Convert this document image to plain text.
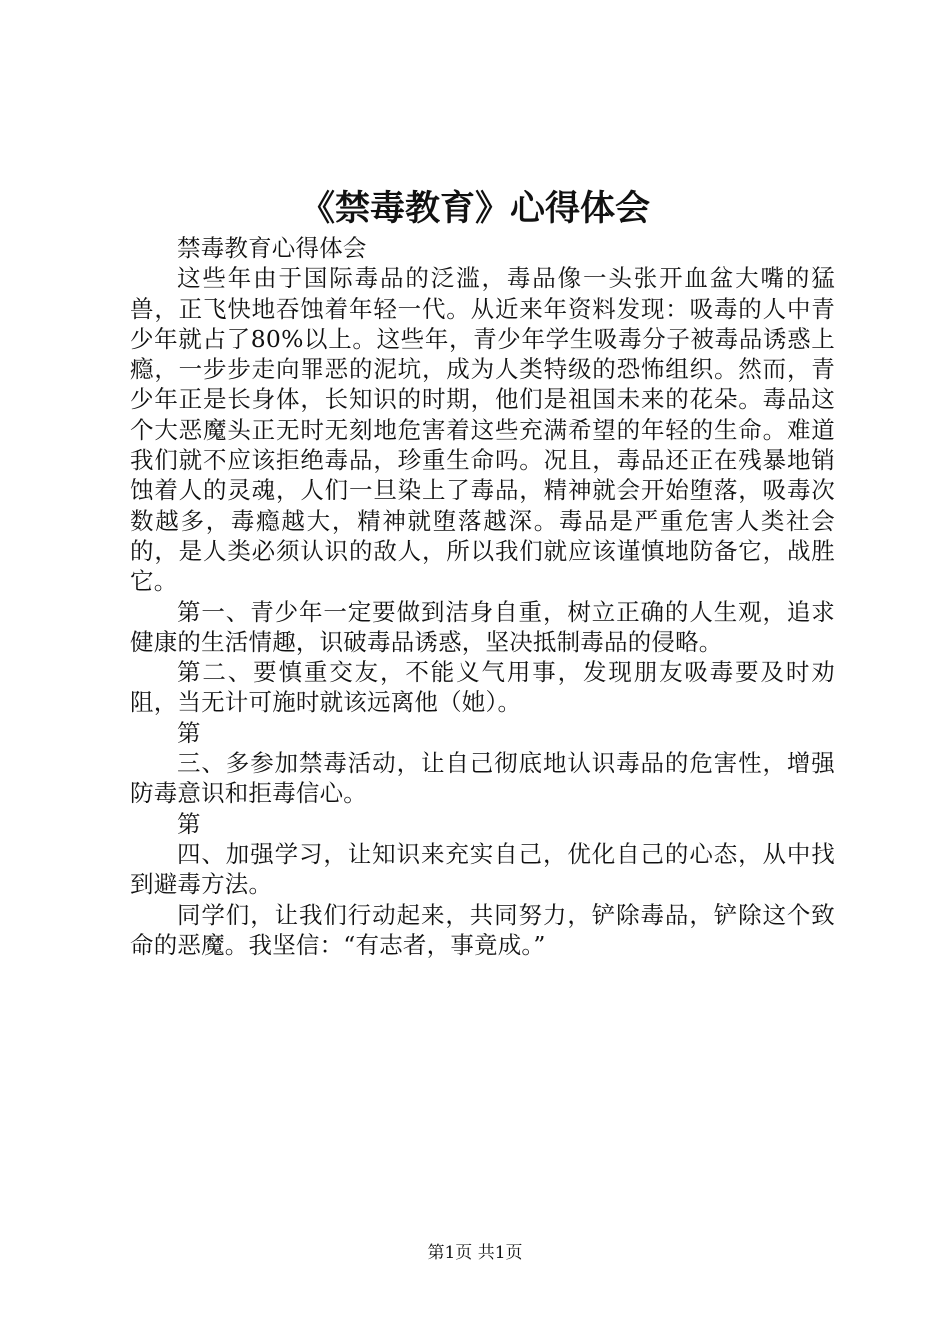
《禁毒教育》心得体会

禁毒教育心得体会

这些年由于国际毒品的泛滥，毒品像一头张开血盆大嘴的猛兽，正飞快地吞蚀着年轻一代。从近来年资料发现：吸毒的人中青少年就占了80%以上。这些年，青少年学生吸毒分子被毒品诱惑上瘾，一步步走向罪恶的泥坑，成为人类特级的恐怖组织。然而，青少年正是长身体，长知识的时期，他们是祖国未来的花朵。毒品这个大恶魔头正无时无刻地危害着这些充满希望的年轻的生命。难道我们就不应该拒绝毒品，珍重生命吗。况且，毒品还正在残暴地销蚀着人的灵魂，人们一旦染上了毒品，精神就会开始堕落，吸毒次数越多，毒瘾越大，精神就堕落越深。毒品是严重危害人类社会的，是人类必须认识的敌人，所以我们就应该谨慎地防备它，战胜它。

第一、青少年一定要做到洁身自重，树立正确的人生观，追求健康的生活情趣，识破毒品诱惑，坚决抵制毒品的侵略。

第二、要慎重交友，不能义气用事，发现朋友吸毒要及时劝阻，当无计可施时就该远离他（她）。

第

三、多参加禁毒活动，让自己彻底地认识毒品的危害性，增强防毒意识和拒毒信心。

第

四、加强学习，让知识来充实自己，优化自己的心态，从中找到避毒方法。

同学们，让我们行动起来，共同努力，铲除毒品，铲除这个致命的恶魔。我坚信：“有志者，事竟成。”

第1页 共1页
